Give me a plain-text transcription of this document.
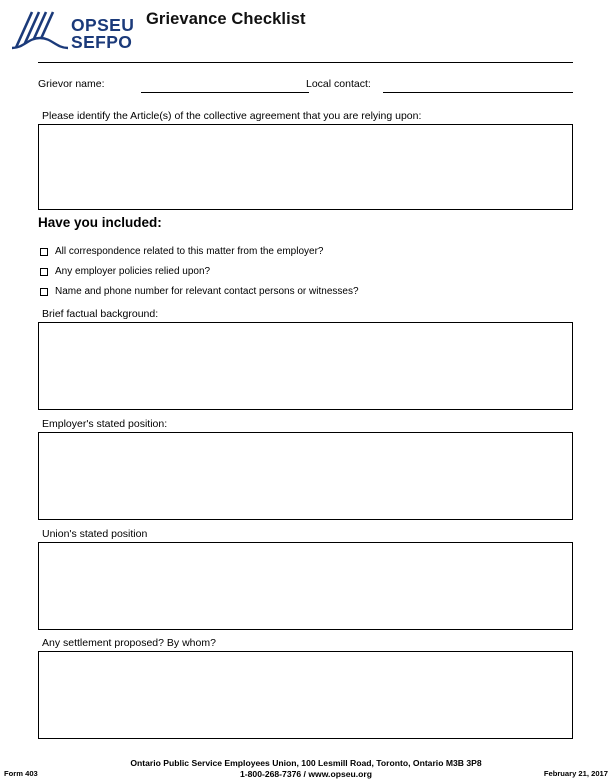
OPSEU
SEFPO
Grievance Checklist
Grievor name:	Local contact:
Please identify the Article(s) of the collective agreement that you are relying upon:
Have you included:
All correspondence related to this matter from the employer?
Any employer policies relied upon?
Name and phone number for relevant contact persons or witnesses?
Brief factual background:
Employer's stated position:
Union's stated position
Any settlement proposed? By whom?
Ontario Public Service Employees Union, 100 Lesmill Road, Toronto, Ontario M3B 3P8
1-800-268-7376 / www.opseu.org
Form 403	February 21, 2017
